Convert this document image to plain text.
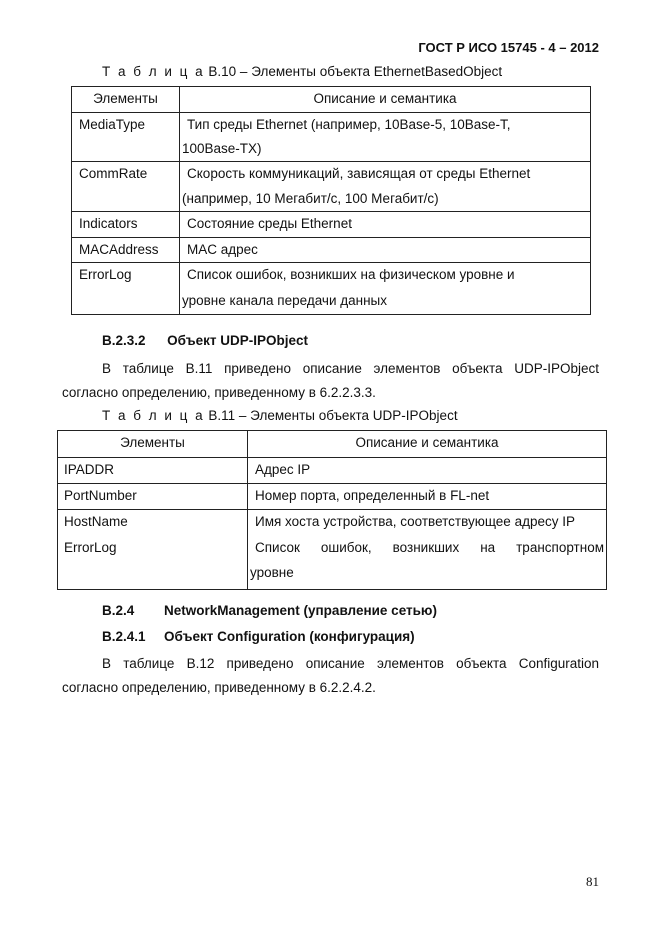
ГОСТ Р ИСО 15745 - 4 – 2012
Т а б л и ц а В.10 – Элементы объекта EthernetBasedObject
Элементы	Описание и семантика
MediaType	Тип среды Ethernet (например, 10Base-5, 10Base-T,
100Base-TX)
CommRate	Скорость коммуникаций, зависящая от среды Ethernet
(например, 10 Мегабит/с, 100 Мегабит/с)
Indicators	Состояние среды Ethernet
MACAddress MAC адрес
ErrorLog	Список ошибок, возникших на физическом уровне и
уровне канала передачи данных
B.2.3.2 Объект UDP-IPObject
В таблице В.11 приведено описание элементов объекта UDP-IPObject
согласно определению, приведенному в 6.2.2.3.3.
Т а б л и ц а В.11 – Элементы объекта UDP-IPObject
Элементы	Описание и семантика
IPADDR	Адрес IP
PortNumber	Номер порта, определенный в FL-net
HostName	Имя хоста устройства, соответствующее адресу IP
ErrorLog	Список ошибок, возникших на транспортном
уровне
B.2.4 NetworkManagement (управление сетью)
B.2.4.1 Объект Configuration (конфигурация)
В таблице В.12 приведено описание элементов объекта Configuration
согласно определению, приведенному в 6.2.2.4.2.
81
